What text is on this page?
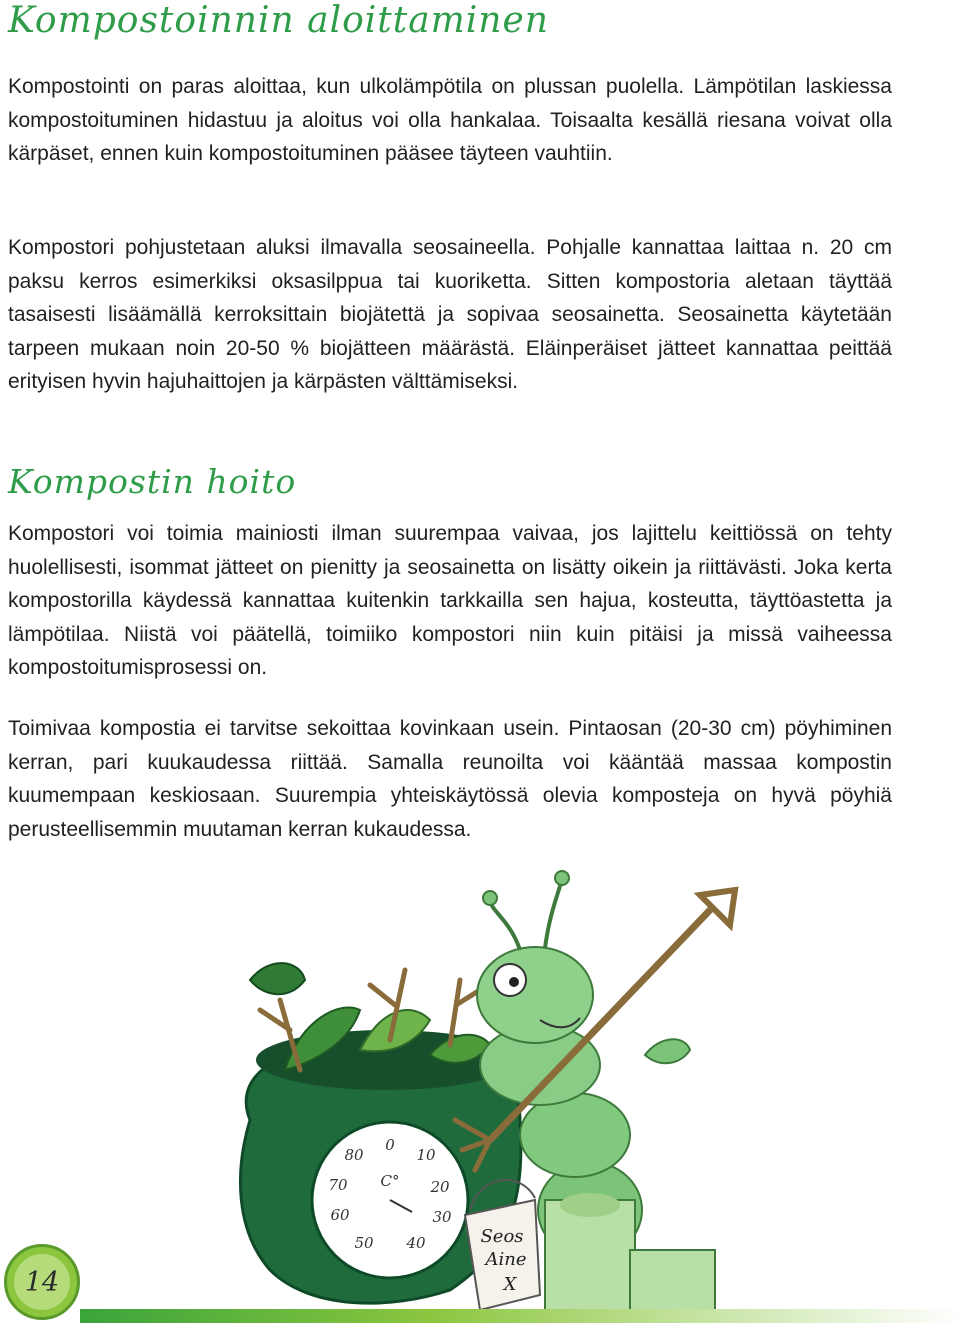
Kompostoinnin aloittaminen

Kompostointi on paras aloittaa, kun ulkolämpötila on plussan puolella. Lämpötilan laskiessa kompostoituminen hidastuu ja aloitus voi olla hankalaa. Toisaalta kesällä riesana voivat olla kärpäset, ennen kuin kompostoituminen pääsee täyteen vauhtiin.

Kompostori pohjustetaan aluksi ilmavalla seosaineella. Pohjalle kannattaa laittaa n. 20 cm paksu kerros esimerkiksi oksasilppua tai kuoriketta. Sitten kompostoria aletaan täyttää tasaisesti lisäämällä kerroksittain biojätettä ja sopivaa seosainetta. Seosainetta käytetään tarpeen mukaan noin 20-50 % biojätteen määrästä. Eläinperäiset jätteet kannattaa peittää erityisen hyvin hajuhaittojen ja kärpästen välttämiseksi.

Kompostin hoito

Kompostori voi toimia mainiosti ilman suurempaa vaivaa, jos lajittelu keittiössä on tehty huolellisesti, isommat jätteet on pienitty ja seosainetta on lisätty oikein ja riittävästi. Joka kerta kompostorilla käydessä kannattaa kuitenkin tarkkailla sen hajua, kosteutta, täyttöastetta ja lämpötilaa. Niistä voi päätellä, toimiiko kompostori niin kuin pitäisi ja missä vaiheessa kompostoitumisprosessi on.

Toimivaa kompostia ei tarvitse sekoittaa kovinkaan usein. Pintaosan (20-30 cm) pöyhiminen kerran, pari kuukaudessa riittää. Samalla reunoilta voi kääntää massaa kompostin kuumempaan keskiosaan. Suurempia yhteiskäytössä olevia komposteja on hyvä pöyhiä perusteellisemmin muutaman kerran kukaudessa.

80
0
10
70 C° 20
60	30
50 40	Seos
Aine
X
14
